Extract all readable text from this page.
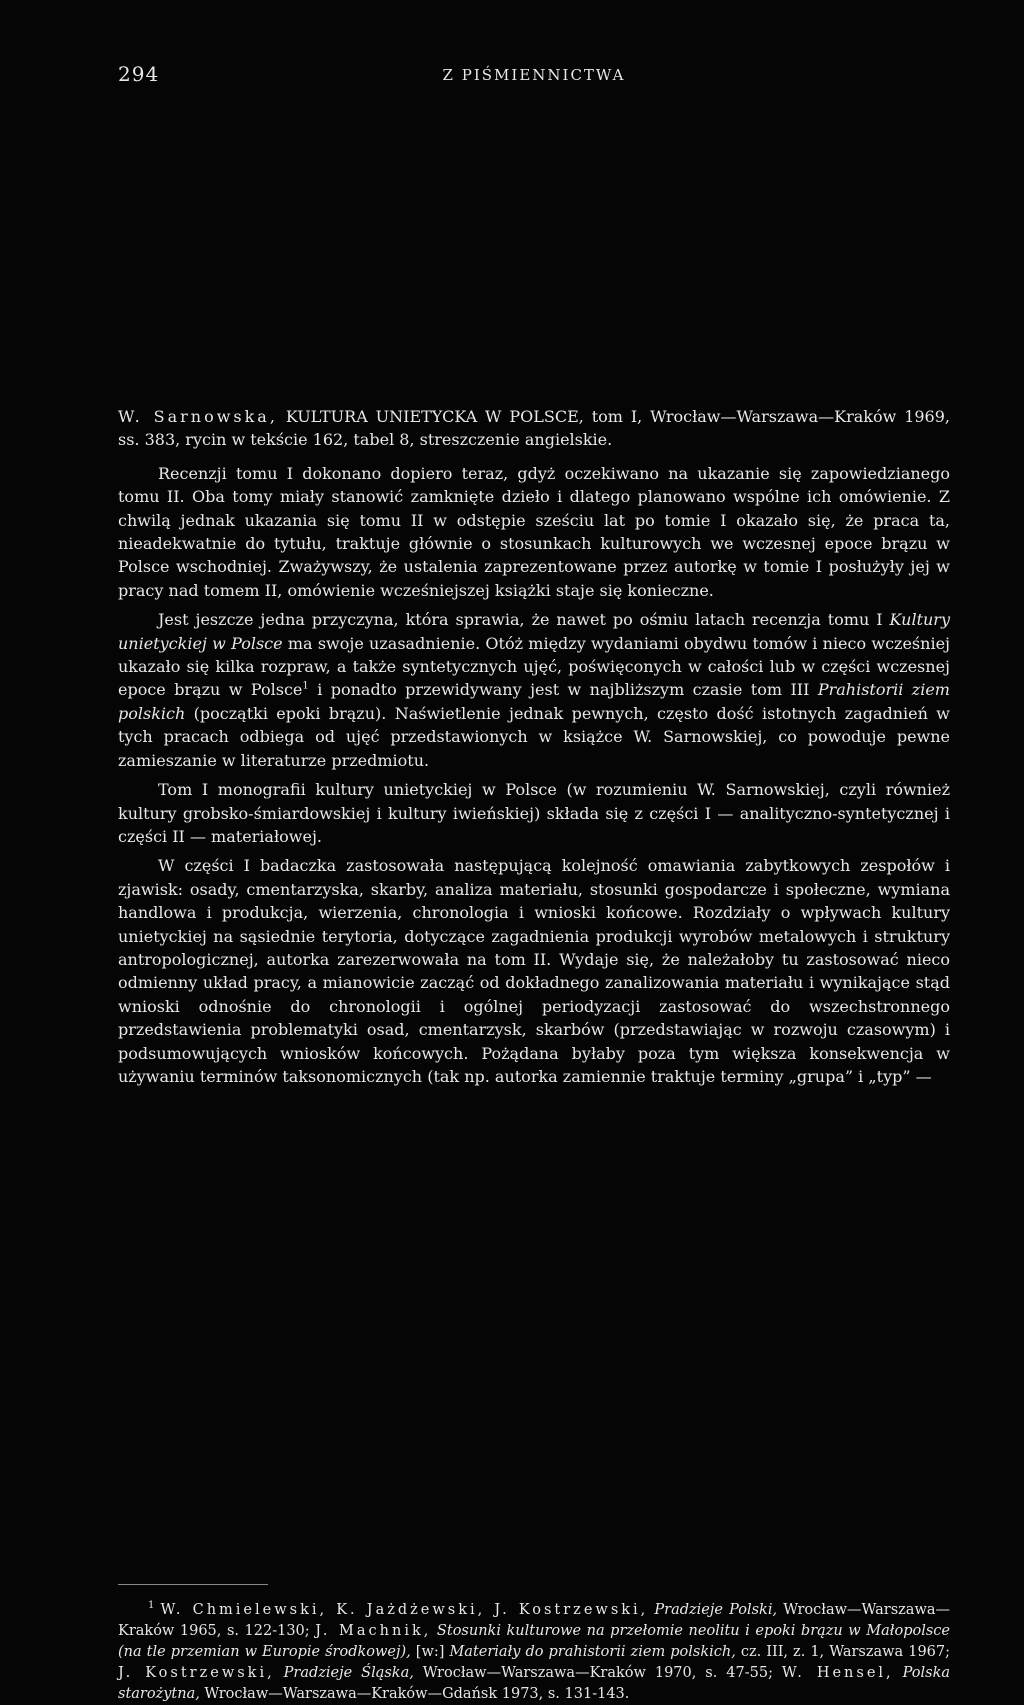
294	Z PIŚMIENNICTWA

W. Sarnowska, KULTURA UNIETYCKA W POLSCE, tom I, Wrocław—Warszawa—Kraków 1969, ss. 383, rycin w tekście 162, tabel 8, streszczenie angielskie.

Recenzji tomu I dokonano dopiero teraz, gdyż oczekiwano na ukazanie się zapowiedzianego tomu II. Oba tomy miały stanowić zamknięte dzieło i dlatego planowano wspólne ich omówienie. Z chwilą jednak ukazania się tomu II w odstępie sześciu lat po tomie I okazało się, że praca ta, nieadekwatnie do tytułu, traktuje głównie o stosunkach kulturowych we wczesnej epoce brązu w Polsce wschodniej. Zważywszy, że ustalenia zaprezentowane przez autorkę w tomie I posłużyły jej w pracy nad tomem II, omówienie wcześniejszej książki staje się konieczne.

Jest jeszcze jedna przyczyna, która sprawia, że nawet po ośmiu latach recenzja tomu I Kultury unietyckiej w Polsce ma swoje uzasadnienie. Otóż między wydaniami obydwu tomów i nieco wcześniej ukazało się kilka rozpraw, a także syntetycznych ujęć, poświęconych w całości lub w części wczesnej epoce brązu w Polsce$^1$ i ponadto przewidywany jest w najbliższym czasie tom III Prahistorii ziem polskich (początki epoki brązu). Naświetlenie jednak pewnych, często dość istotnych zagadnień w tych pracach odbiega od ujęć przedstawionych w książce W. Sarnowskiej, co powoduje pewne zamieszanie w literaturze przedmiotu.

Tom I monografii kultury unietyckiej w Polsce (w rozumieniu W. Sarnowskiej, czyli również kultury grobsko-śmiardowskiej i kultury iwieńskiej) składa się z części I — analityczno-syntetycznej i części II — materiałowej.

W części I badaczka zastosowała następującą kolejność omawiania zabytkowych zespołów i zjawisk: osady, cmentarzyska, skarby, analiza materiału, stosunki gospodarcze i społeczne, wymiana handlowa i produkcja, wierzenia, chronologia i wnioski końcowe. Rozdziały o wpływach kultury unietyckiej na sąsiednie terytoria, dotyczące zagadnienia produkcji wyrobów metalowych i struktury antropologicznej, autorka zarezerwowała na tom II. Wydaje się, że należałoby tu zastosować nieco odmienny układ pracy, a mianowicie zacząć od dokładnego zanalizowania materiału i wynikające stąd wnioski odnośnie do chronologii i ogólnej periodyzacji zastosować do wszechstronnego przedstawienia problematyki osad, cmentarzysk, skarbów (przedstawiając w rozwoju czasowym) i podsumowujących wniosków końcowych. Pożądana byłaby poza tym większa konsekwencja w używaniu terminów taksonomicznych (tak np. autorka zamiennie traktuje terminy „grupa” i „typ” —

$^1$ W. Chmielewski, K. Jażdżewski, J. Kostrzewski, Pradzieje Polski, Wrocław—Warszawa—Kraków 1965, s. 122-130; J. Machnik, Stosunki kulturowe na przełomie neolitu i epoki brązu w Małopolsce (na tle przemian w Europie środkowej), [w:] Materiały do prahistorii ziem polskich, cz. III, z. 1, Warszawa 1967; J. Kostrzewski, Pradzieje Śląska, Wrocław—Warszawa—Kraków 1970, s. 47-55; W. Hensel, Polska starożytna, Wrocław—Warszawa—Kraków—Gdańsk 1973, s. 131-143.
